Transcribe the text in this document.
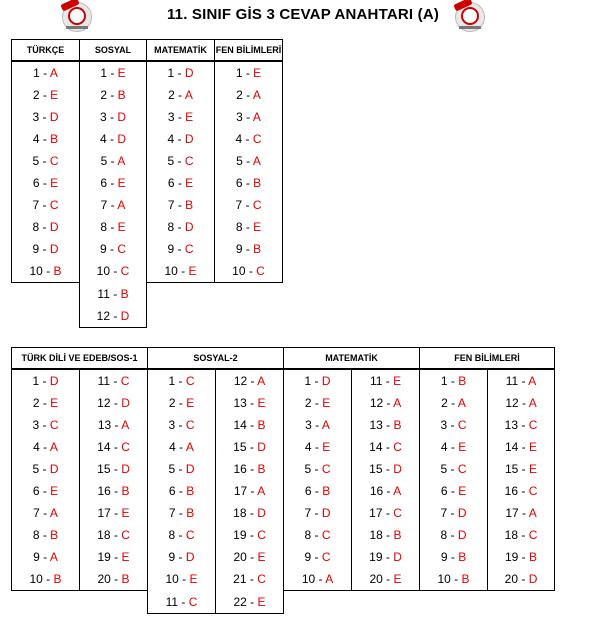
11. SINIF GİS 3 CEVAP ANAHTARI (A)
TÜRKÇE	SOSYAL	MATEMATİK	FEN BİLİMLERİ
1 - A	1 - E	1 - D	1 - E
2 - E	2 - B	2 - A	2 - A
3 - D	3 - D	3 - E	3 - A
4 - B	4 - D	4 - D	4 - C
5 - C	5 - A	5 - C	5 - A
6 - E	6 - E	6 - E	6 - B
7 - C	7 - A	7 - B	7 - C
8 - D	8 - E	8 - D	8 - E
9 - D	9 - C	9 - C	9 - B
10 - B	10 - C	10 - E	10 - C
	11 - B		
	12 - D		
TÜRK DİLİ VE EDEB/SOS-1		SOSYAL-2		MATEMATİK		FEN BİLİMLERİ	
1 - D	11 - C	1 - C	12 - A	1 - D	11 - E	1 - B	11 - A
2 - E	12 - D	2 - E	13 - E	2 - E	12 - A	2 - A	12 - A
3 - C	13 - A	3 - C	14 - B	3 - A	13 - B	3 - C	13 - C
4 - A	14 - C	4 - A	15 - D	4 - E	14 - C	4 - E	14 - E
5 - D	15 - D	5 - D	16 - B	5 - C	15 - D	5 - C	15 - E
6 - E	16 - B	6 - B	17 - A	6 - B	16 - A	6 - E	16 - C
7 - A	17 - E	7 - B	18 - D	7 - D	17 - C	7 - D	17 - A
8 - B	18 - C	8 - C	19 - C	8 - C	18 - B	8 - D	18 - C
9 - A	19 - E	9 - D	20 - E	9 - C	19 - D	9 - B	19 - B
10 - B	20 - B	10 - E	21 - C	10 - A	20 - E	10 - B	20 - D
		11 - C	22 - E				
